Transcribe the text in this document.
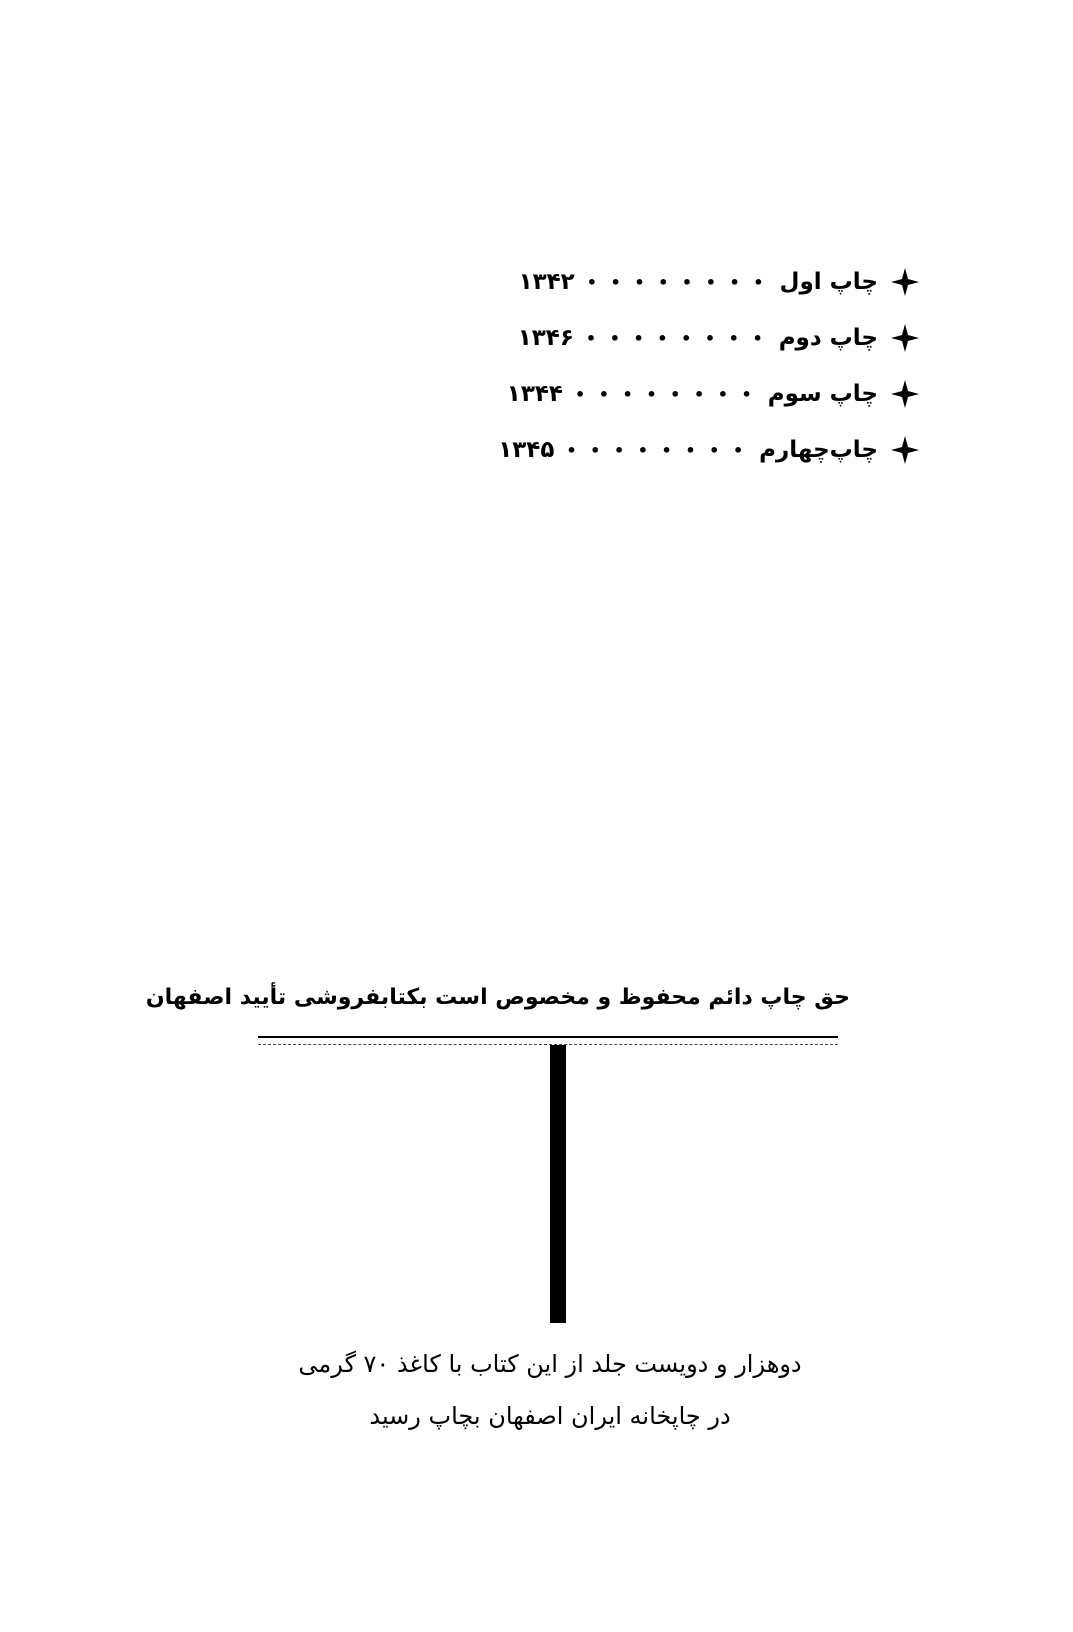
چاپ اول
• • • • • • • •
۱۳۴۲
چاپ دوم
• • • • • • • •
۱۳۴۶
چاپ سوم
• • • • • • • •
۱۳۴۴
چاپ‌چهارم
• • • • • • • •
۱۳۴۵
حق چاپ دائم محفوظ و مخصوص است بکتابفروشی تأیید اصفهان
دوهزار و دویست جلد از این کتاب با کاغذ ۷۰ گرمی
در چاپخانه ایران اصفهان بچاپ رسید
